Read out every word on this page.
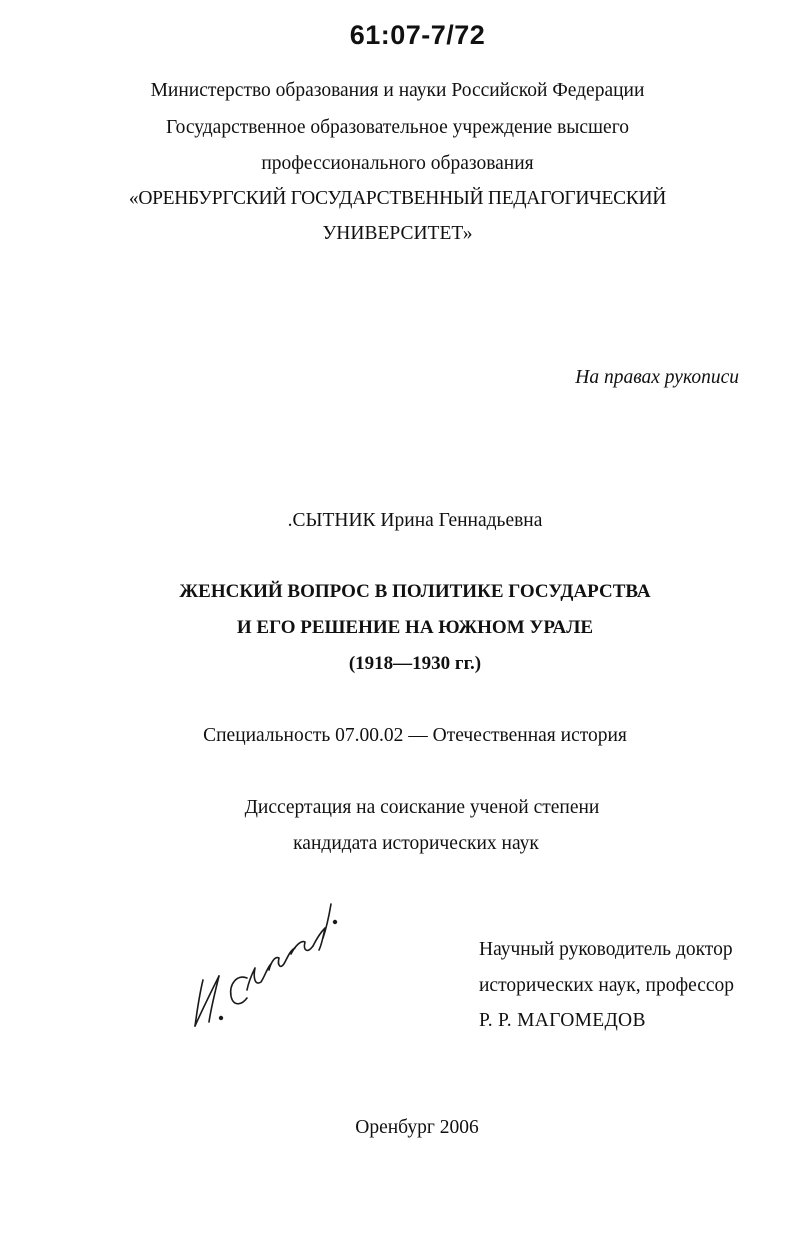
61:07-7/72
Министерство образования и науки Российской Федерации
Государственное образовательное учреждение высшего
профессионального образования
«ОРЕНБУРГСКИЙ ГОСУДАРСТВЕННЫЙ ПЕДАГОГИЧЕСКИЙ
УНИВЕРСИТЕТ»
На правах рукописи
.СЫТНИК Ирина Геннадьевна
ЖЕНСКИЙ ВОПРОС В ПОЛИТИКЕ ГОСУДАРСТВА
И ЕГО РЕШЕНИЕ НА ЮЖНОМ УРАЛЕ
(1918—1930 гг.)
Специальность 07.00.02 — Отечественная история
Диссертация на соискание ученой степени
кандидата исторических наук
Научный руководитель доктор
исторических наук, профессор
Р. Р. МАГОМЕДОВ
Оренбург 2006
